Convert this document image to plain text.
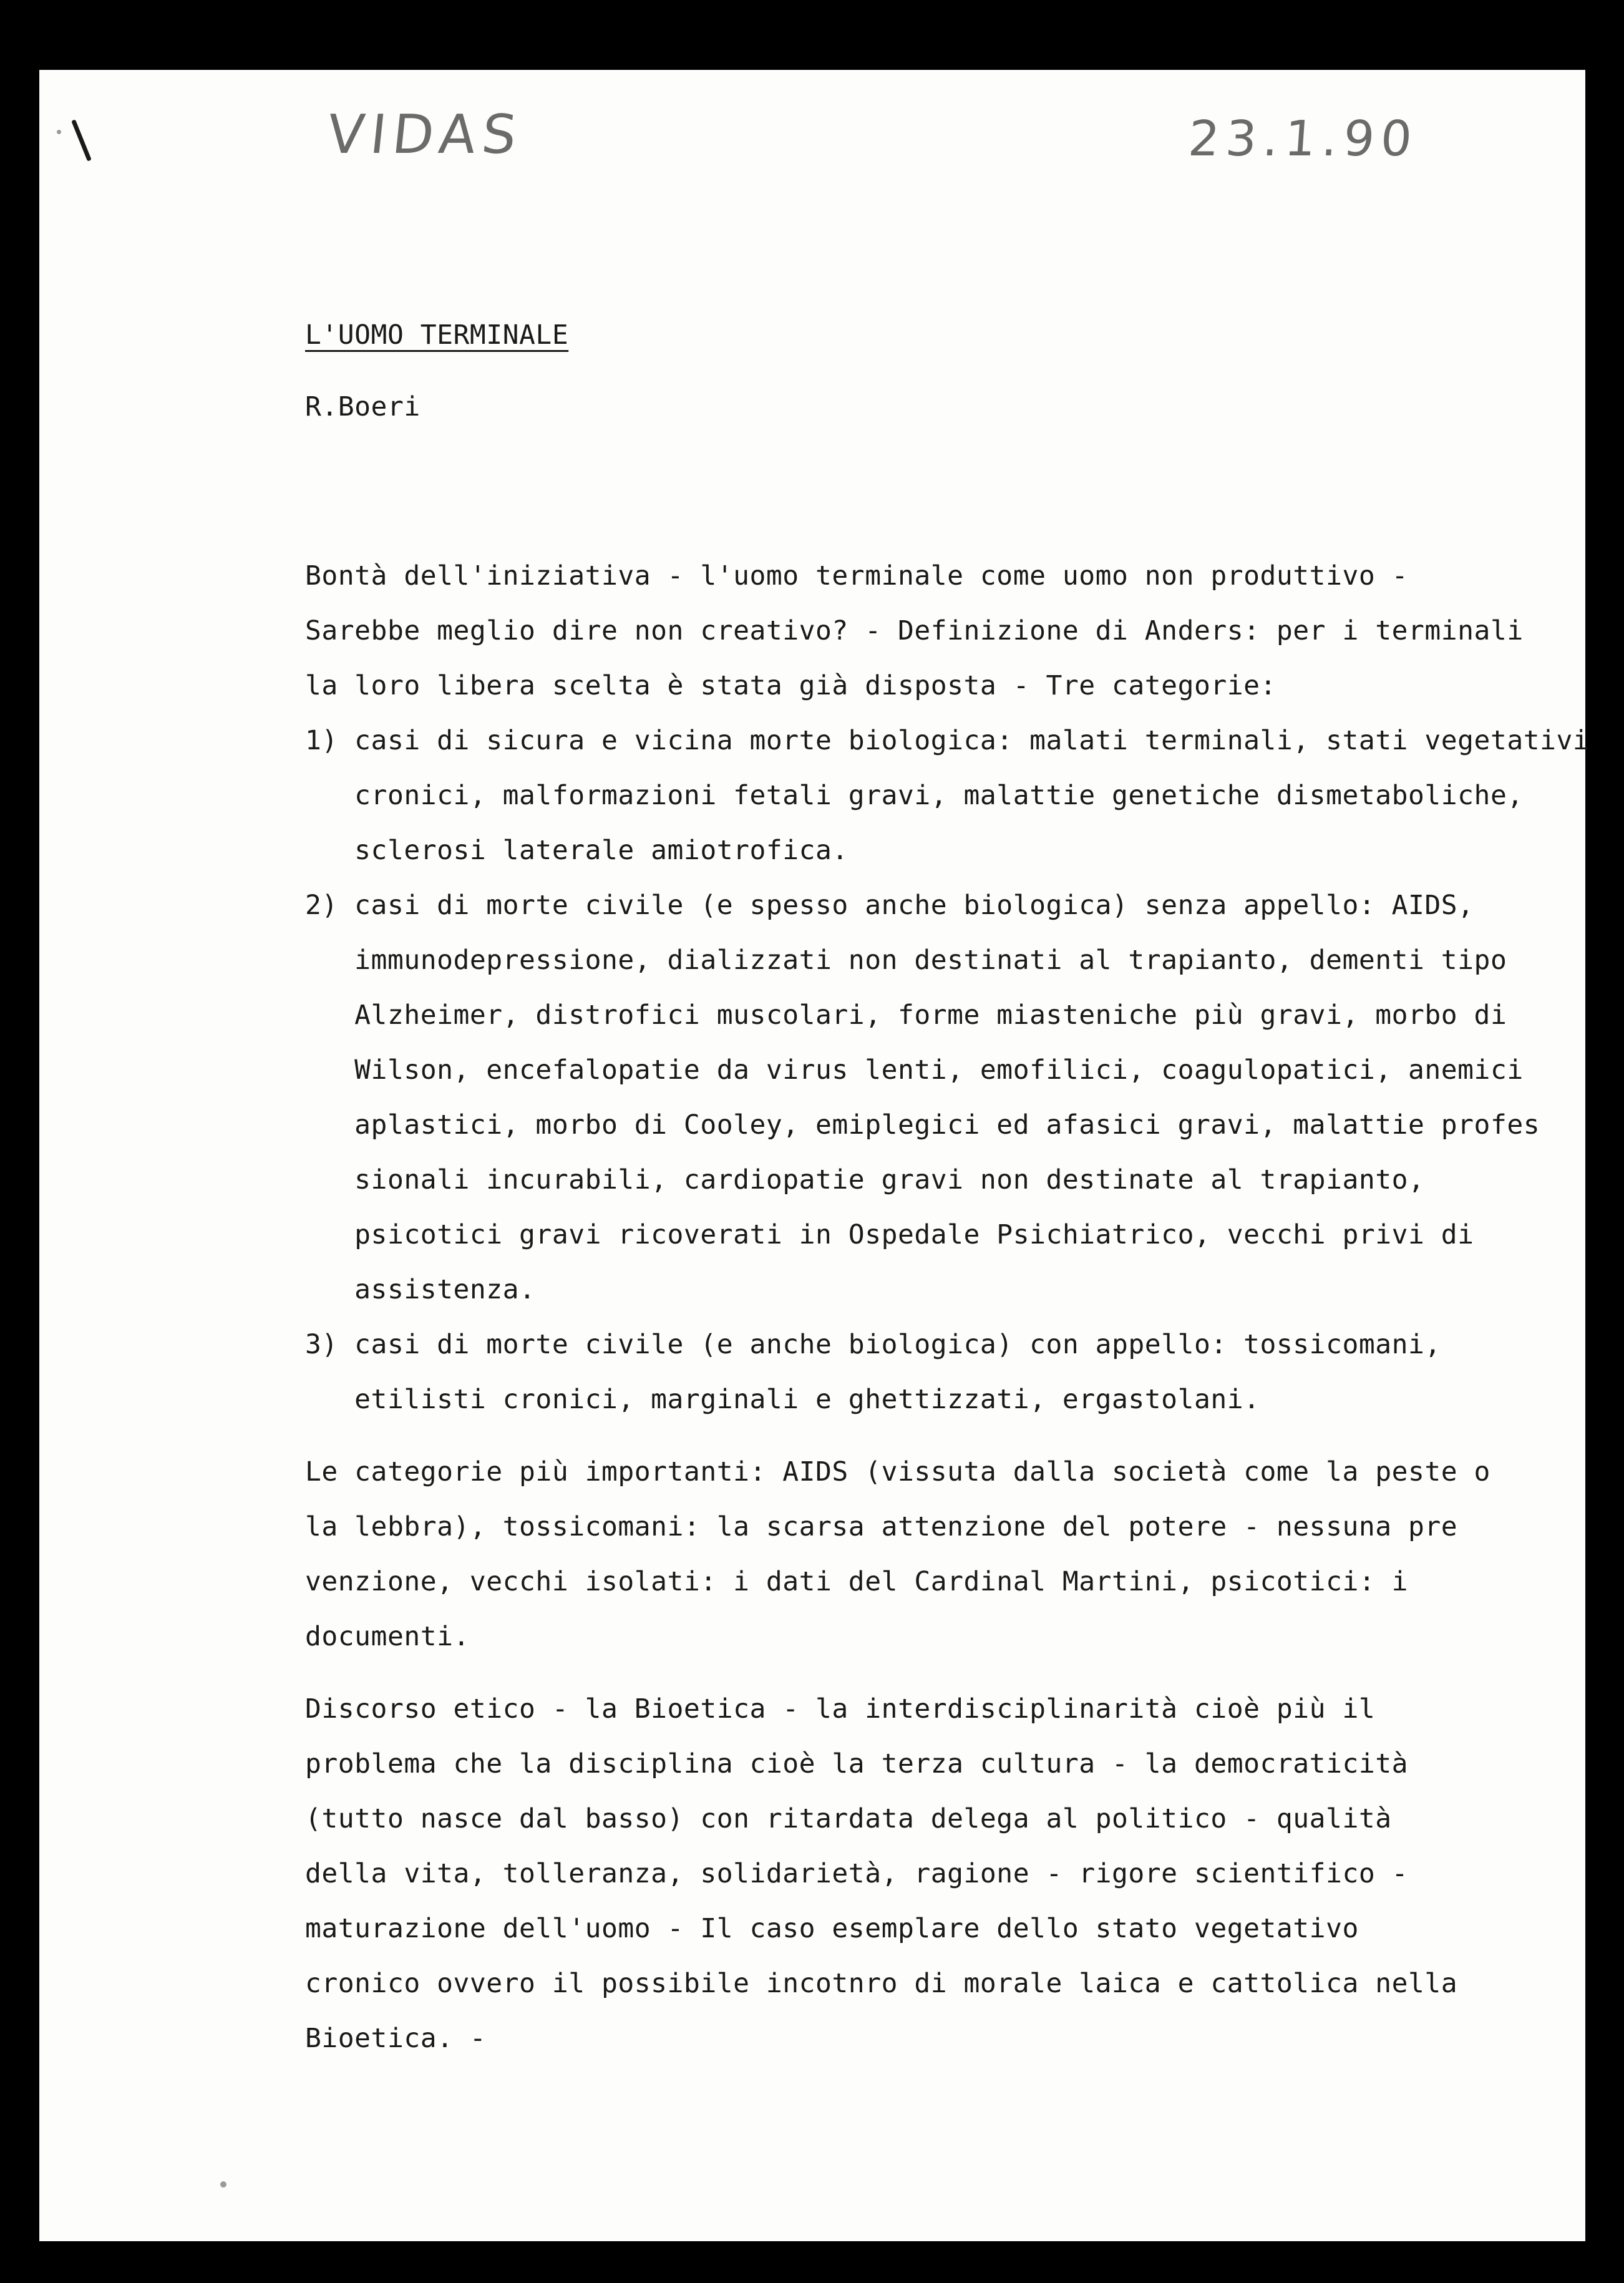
VIDAS	23.1.90
L'UOMO TERMINALE
R.Boeri
Bontà dell'iniziativa - l'uomo terminale come uomo non produttivo -
Sarebbe meglio dire non creativo? - Definizione di Anders: per i terminali
la loro libera scelta è stata già disposta - Tre categorie:
1) casi di sicura e vicina morte biologica: malati terminali, stati vegetativi
cronici, malformazioni fetali gravi, malattie genetiche dismetaboliche,
sclerosi laterale amiotrofica.
2) casi di morte civile (e spesso anche biologica) senza appello: AIDS,
immunodepressione, dializzati non destinati al trapianto, dementi tipo
Alzheimer, distrofici muscolari, forme miasteniche più gravi, morbo di
Wilson, encefalopatie da virus lenti, emofilici, coagulopatici, anemici
aplastici, morbo di Cooley, emiplegici ed afasici gravi, malattie profes
sionali incurabili, cardiopatie gravi non destinate al trapianto,
psicotici gravi ricoverati in Ospedale Psichiatrico, vecchi privi di
assistenza.
3) casi di morte civile (e anche biologica) con appello: tossicomani,
etilisti cronici, marginali e ghettizzati, ergastolani.
Le categorie più importanti: AIDS (vissuta dalla società come la peste o
la lebbra), tossicomani: la scarsa attenzione del potere - nessuna pre
venzione, vecchi isolati: i dati del Cardinal Martini, psicotici: i
documenti.
Discorso etico - la Bioetica - la interdisciplinarità cioè più il
problema che la disciplina cioè la terza cultura - la democraticità
(tutto nasce dal basso) con ritardata delega al politico - qualità
della vita, tolleranza, solidarietà, ragione - rigore scientifico -
maturazione dell'uomo - Il caso esemplare dello stato vegetativo
cronico ovvero il possibile incotnro di morale laica e cattolica nella
Bioetica. -
